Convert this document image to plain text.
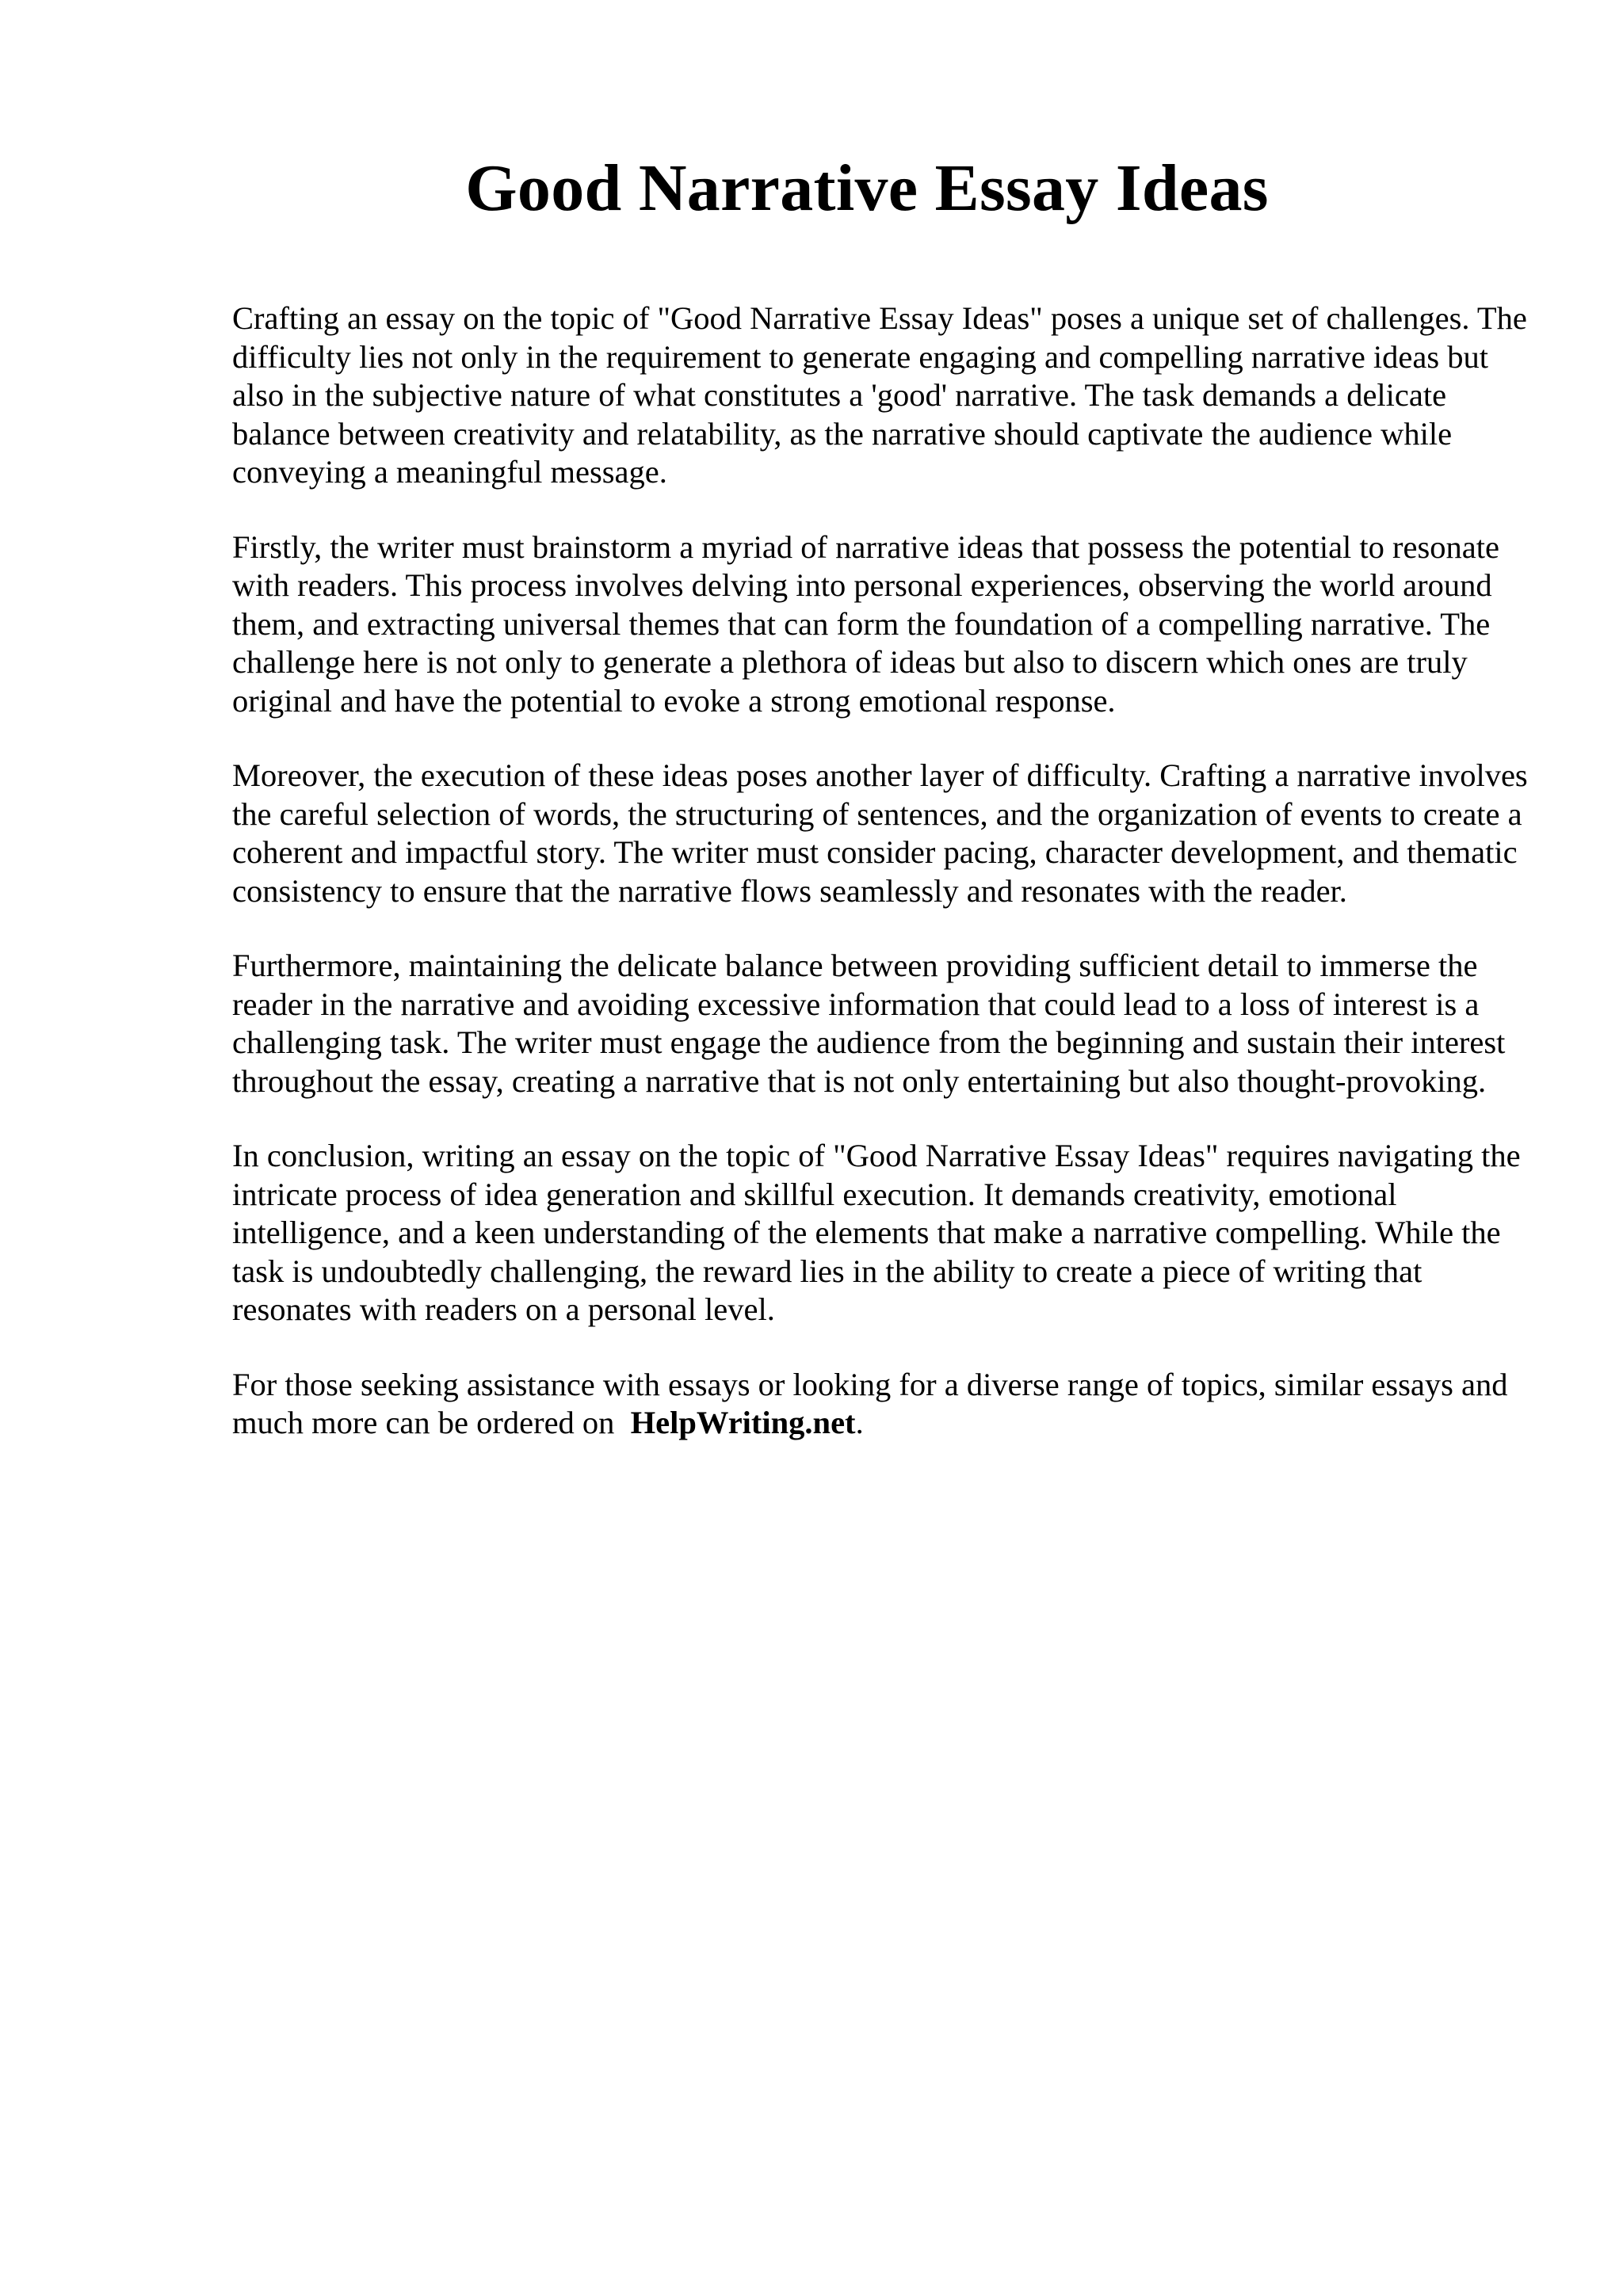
Good Narrative Essay Ideas

Crafting an essay on the topic of "Good Narrative Essay Ideas" poses a unique set of challenges. The difficulty lies not only in the requirement to generate engaging and compelling narrative ideas but also in the subjective nature of what constitutes a 'good' narrative. The task demands a delicate balance between creativity and relatability, as the narrative should captivate the audience while conveying a meaningful message.

Firstly, the writer must brainstorm a myriad of narrative ideas that possess the potential to resonate with readers. This process involves delving into personal experiences, observing the world around them, and extracting universal themes that can form the foundation of a compelling narrative. The challenge here is not only to generate a plethora of ideas but also to discern which ones are truly original and have the potential to evoke a strong emotional response.

Moreover, the execution of these ideas poses another layer of difficulty. Crafting a narrative involves the careful selection of words, the structuring of sentences, and the organization of events to create a coherent and impactful story. The writer must consider pacing, character development, and thematic consistency to ensure that the narrative flows seamlessly and resonates with the reader.

Furthermore, maintaining the delicate balance between providing sufficient detail to immerse the reader in the narrative and avoiding excessive information that could lead to a loss of interest is a challenging task. The writer must engage the audience from the beginning and sustain their interest throughout the essay, creating a narrative that is not only entertaining but also thought-provoking.

In conclusion, writing an essay on the topic of "Good Narrative Essay Ideas" requires navigating the intricate process of idea generation and skillful execution. It demands creativity, emotional intelligence, and a keen understanding of the elements that make a narrative compelling. While the task is undoubtedly challenging, the reward lies in the ability to create a piece of writing that resonates with readers on a personal level.

For those seeking assistance with essays or looking for a diverse range of topics, similar essays and much more can be ordered on HelpWriting.net.
